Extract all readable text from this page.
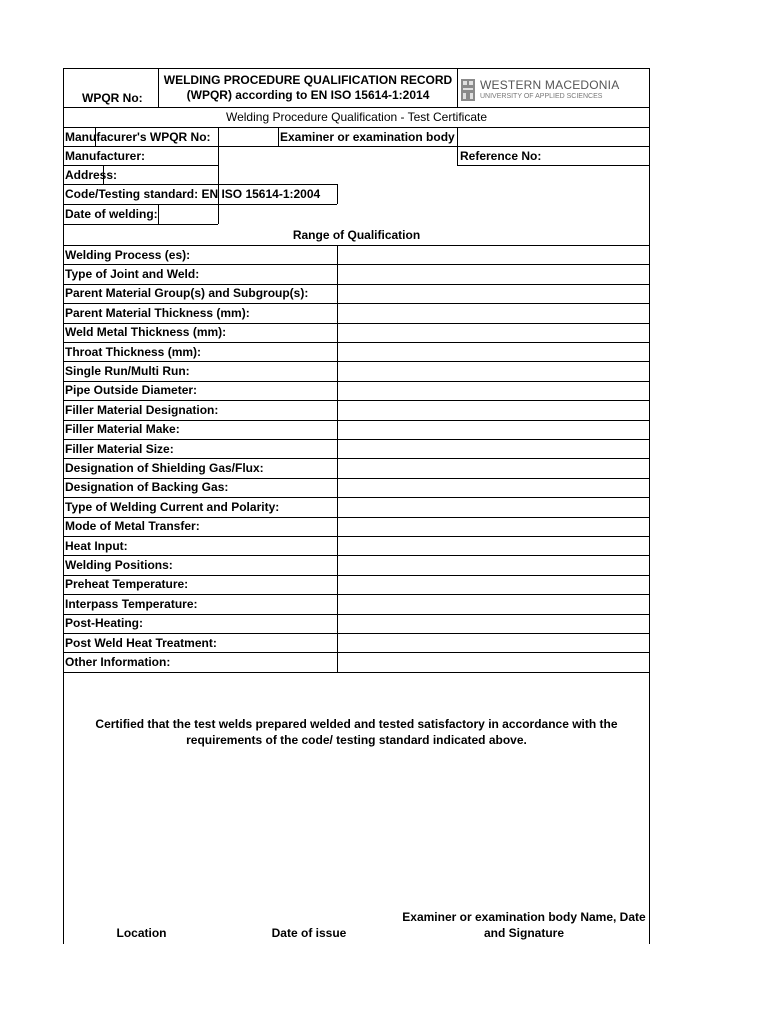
WPQR No:
WELDING PROCEDURE QUALIFICATION RECORD
(WPQR) according to EN ISO 15614-1:2014
WESTERN MACEDONIA
UNIVERSITY OF APPLIED SCIENCES
Welding Procedure Qualification - Test Certificate
Manufacurer's WPQR No:	Examiner or examination body
Manufacturer:	Reference No:
Address:
Code/Testing standard: EN ISO 15614-1:2004
Date of welding:
Range of Qualification
Welding Process (es):
Type of Joint and Weld:
Parent Material Group(s) and Subgroup(s):
Parent Material Thickness (mm):
Weld Metal Thickness (mm):
Throat Thickness (mm):
Single Run/Multi Run:
Pipe Outside Diameter:
Filler Material Designation:
Filler Material Make:
Filler Material Size:
Designation of Shielding Gas/Flux:
Designation of Backing Gas:
Type of Welding Current and Polarity:
Mode of Metal Transfer:
Heat Input:
Welding Positions:
Preheat Temperature:
Interpass Temperature:
Post-Heating:
Post Weld Heat Treatment:
Other Information:
Certified that the test welds prepared welded and tested satisfactory in accordance with the
requirements of the code/ testing standard indicated above.
Location	Date of issue
Examiner or examination body Name, Date
and Signature
